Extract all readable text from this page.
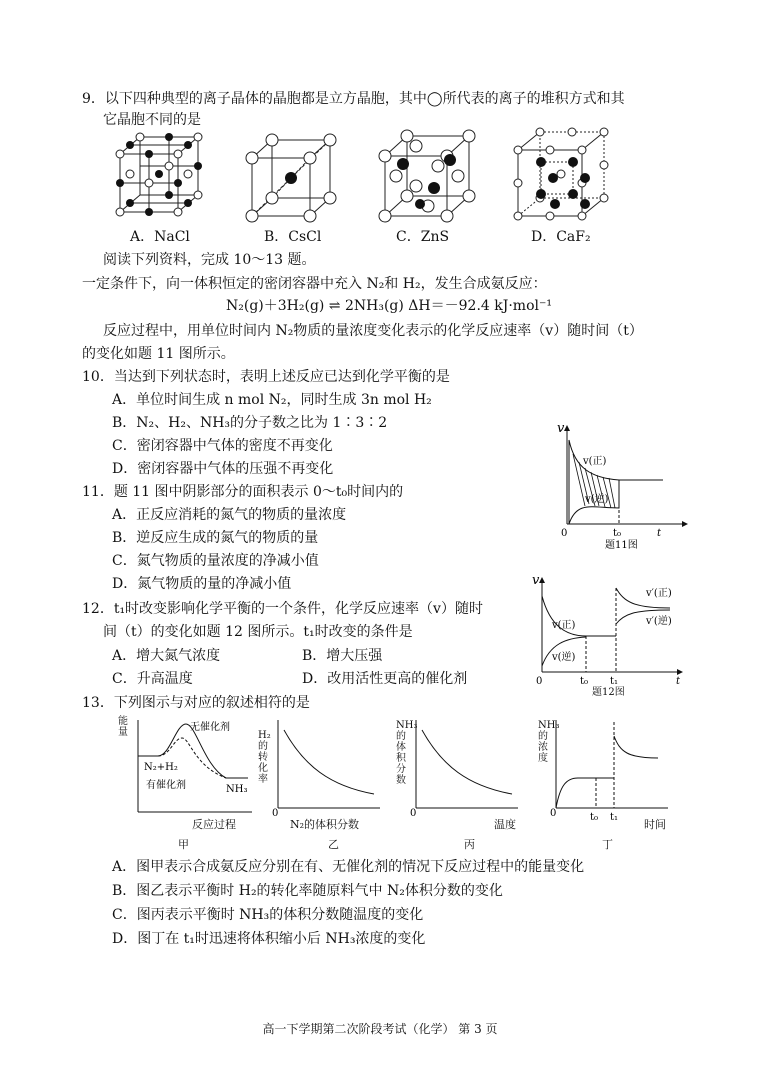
9．以下四种典型的离子晶体的晶胞都是立方晶胞，其中◯所代表的离子的堆积方式和其
它晶胞不同的是
A．NaCl	B．CsCl	C．ZnS	D．CaF₂
阅读下列资料，完成 10～13 题。
一定条件下，向一体积恒定的密闭容器中充入 N₂和 H₂，发生合成氨反应：
N₂(g)＋3H₂(g) ⇌ 2NH₃(g) ΔH＝－92.4 kJ·mol⁻¹
反应过程中，用单位时间内 N₂物质的量浓度变化表示的化学反应速率（v）随时间（t）
的变化如题 11 图所示。
10．当达到下列状态时，表明上述反应已达到化学平衡的是
A．单位时间生成 n mol N₂，同时生成 3n mol H₂
B．N₂、H₂、NH₃的分子数之比为 1∶3∶2
C．密闭容器中气体的密度不再变化
D．密闭容器中气体的压强不再变化
v
v(正)
v(逆)
0	t₀	t
题11图
11．题 11 图中阴影部分的面积表示 0～t₀时间内的
A．正反应消耗的氮气的物质的量浓度
B．逆反应生成的氮气的物质的量
C．氮气物质的量浓度的净减小值
D．氮气物质的量的净减小值	v
v(正)
v(逆)
v′(正)
v′(逆)
0	t₀ t₁	t
题12图
12．t₁时改变影响化学平衡的一个条件，化学反应速率（v）随时
间（t）的变化如题 12 图所示。t₁时改变的条件是
A．增大氮气浓度	B．增大压强
C．升高温度	D．改用活性更高的催化剂
13．下列图示与对应的叙述相符的是
N₂+H₂
NH₃
无催化剂
有催化剂
能量
反应过程
甲
0
H₂的转化率
N₂的体积分数
乙
0
NH₃的体积分数
温度
丙
0	t₀ t₁
NH₃的浓度
时间
丁
A．图甲表示合成氨反应分别在有、无催化剂的情况下反应过程中的能量变化
B．图乙表示平衡时 H₂的转化率随原料气中 N₂体积分数的变化
C．图丙表示平衡时 NH₃的体积分数随温度的变化
D．图丁在 t₁时迅速将体积缩小后 NH₃浓度的变化
高一下学期第二次阶段考试（化学） 第 3 页
